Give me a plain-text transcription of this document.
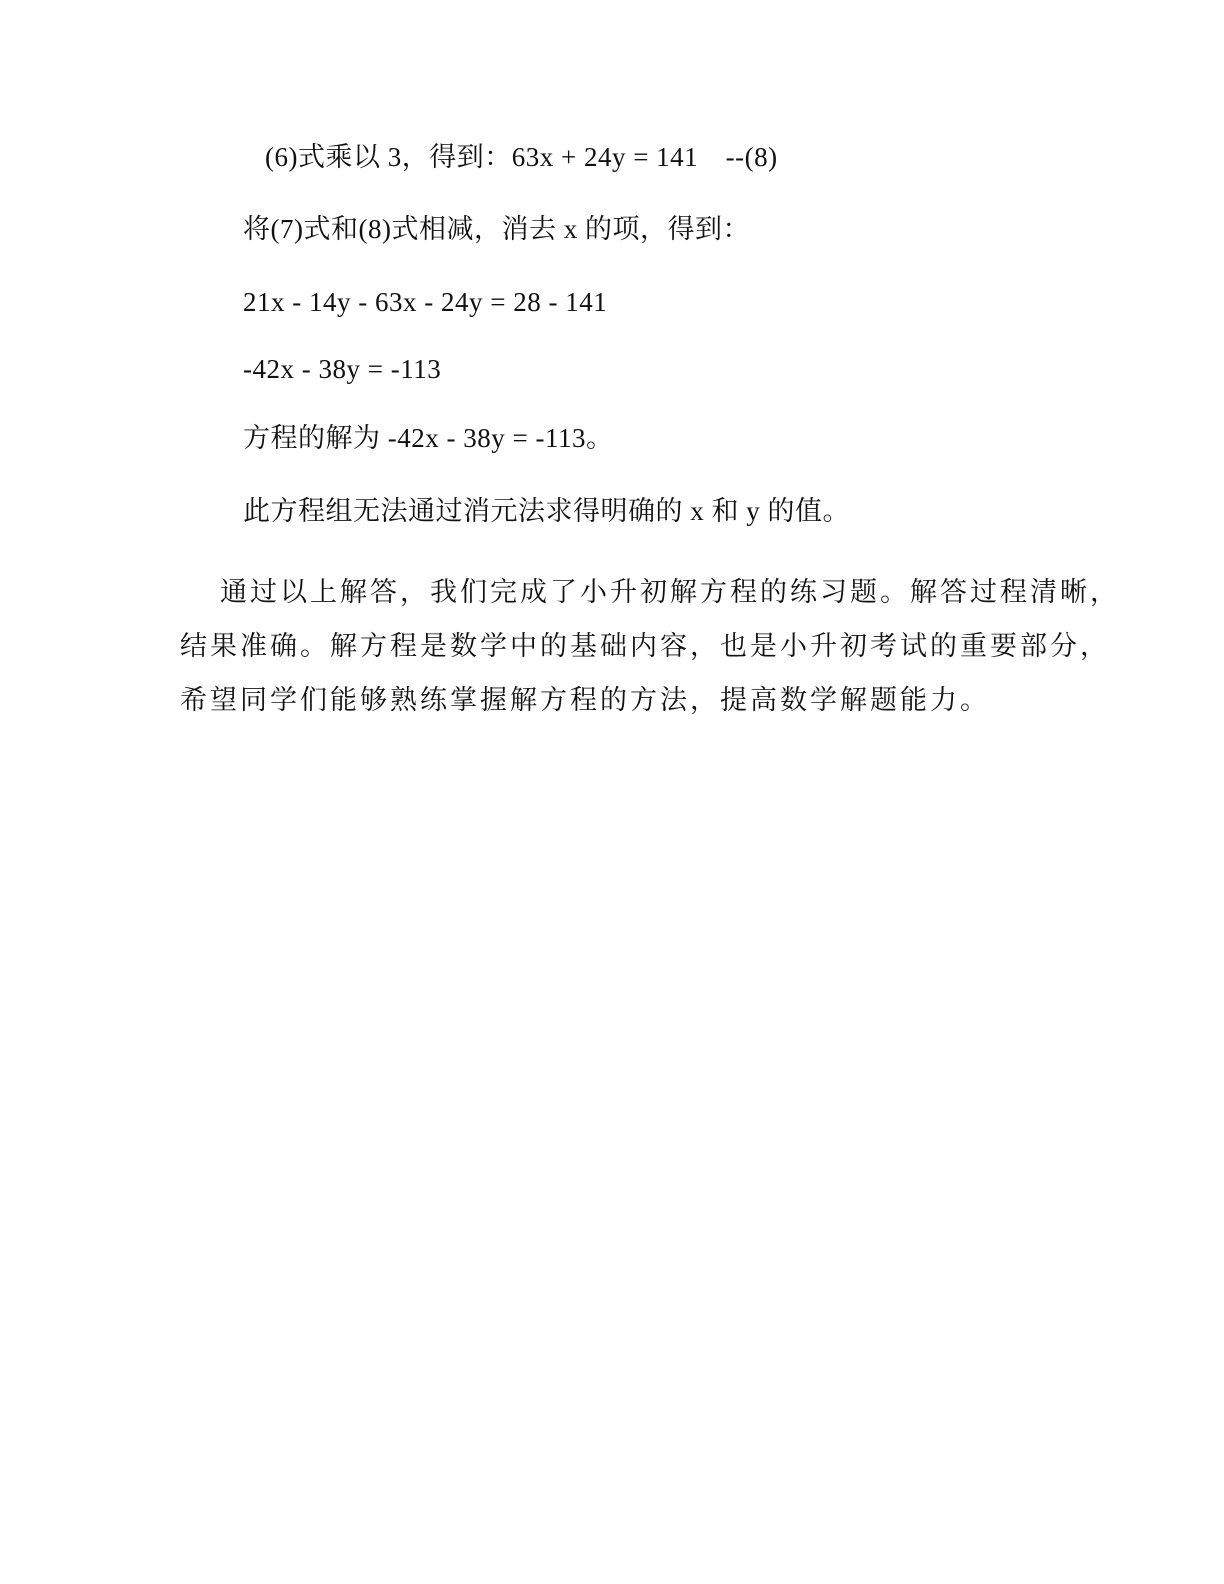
(6)式乘以 3，得到：63x + 24y = 141　--(8)
将(7)式和(8)式相减，消去 x 的项，得到：
21x - 14y - 63x - 24y = 28 - 141
-42x - 38y = -113
方程的解为 -42x - 38y = -113。
此方程组无法通过消元法求得明确的 x 和 y 的值。

通过以上解答，我们完成了小升初解方程的练习题。解答过程清晰，

结果准确。解方程是数学中的基础内容，也是小升初考试的重要部分，

希望同学们能够熟练掌握解方程的方法，提高数学解题能力。
